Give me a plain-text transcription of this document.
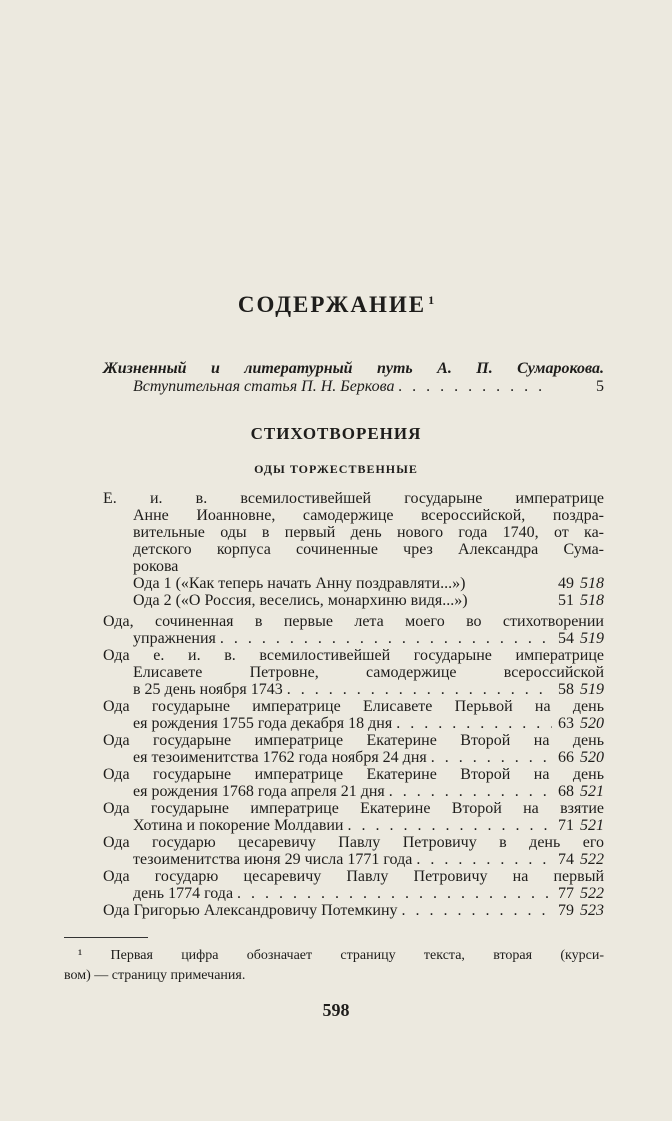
СОДЕРЖАНИЕ $^1$
Жизненный и литературный путь А. П. Сумарокова.
Вступительная статья П. Н. Беркова . . .	5
СТИХОТВОРЕНИЯ
ОДЫ ТОРЖЕСТВЕННЫЕ
Е. и. в. всемилостивейшей государыне императрице
Анне Иоанновне, самодержице всероссийской, поздра-
вительные оды в первый день нового года 1740, от ка-
детского корпуса сочиненные чрез Александра Сума-
рокова
Ода 1 («Как теперь начать Анну поздравляти...»)	49 518
Ода 2 («О Россия, веселись, монархиню видя...»)	51 518
Ода, сочиненная в первые лета моего во стихотворении
упражнения . . .	54 519
Ода е. и. в. всемилостивейшей государыне императрице
Елисавете Петровне, самодержице всероссийской
в 25 день ноября 1743 . . .	58 519
Ода государыне императрице Елисавете Перьвой на день
ея рождения 1755 года декабря 18 дня . . .	63 520
Ода государыне императрице Екатерине Второй на день
ея тезоименитства 1762 года ноября 24 дня . . .	66 520
Ода государыне императрице Екатерине Второй на день
ея рождения 1768 года апреля 21 дня . . .	68 521
Ода государыне императрице Екатерине Второй на взятие
Хотина и покорение Молдавии . . .	71 521
Ода государю цесаревичу Павлу Петровичу в день его
тезоименитства июня 29 числа 1771 года . . .	74 522
Ода государю цесаревичу Павлу Петровичу на первый
день 1774 года . . .	77 522
Ода Григорью Александровичу Потемкину . . .	79 523
¹ Первая цифра обозначает страницу текста, вторая (курси-
вом) — страницу примечания.
598
